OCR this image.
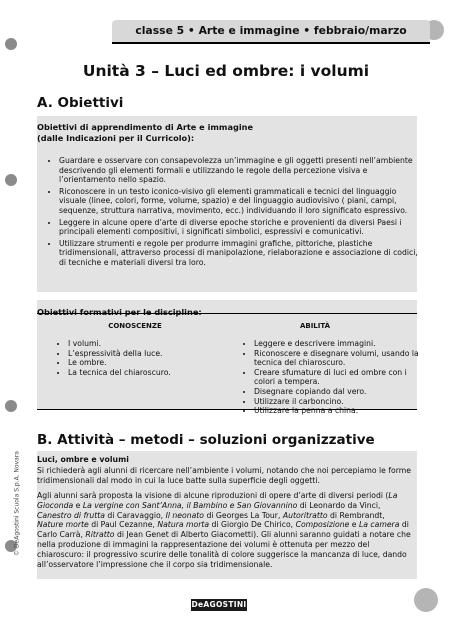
classe 5 • Arte e immagine • febbraio/marzo
Unità 3 – Luci ed ombre: i volumi
A. Obiettivi
Obiettivi di apprendimento di Arte e immagine
(dalle Indicazioni per il Curricolo):
• Guardare e osservare con consapevolezza un’immagine e gli oggetti presenti nell’ambiente descrivendo gli elementi formali e utilizzando le regole della percezione visiva e l’orientamento nello spazio.
• Riconoscere in un testo iconico-visivo gli elementi grammaticali e tecnici del linguaggio visuale (linee, colori, forme, volume, spazio) e del linguaggio audiovisivo ( piani, campi, sequenze, struttura narrativa, movimento, ecc.) individuando il loro significato espressivo.
• Leggere in alcune opere d’arte di diverse epoche storiche e provenienti da diversi Paesi i principali elementi compositivi, i significati simbolici, espressivi e comunicativi.
• Utilizzare strumenti e regole per produrre immagini grafiche, pittoriche, plastiche tridimensionali, attraverso processi di manipolazione, rielaborazione e associazione di codici, di tecniche e materiali diversi tra loro.
Obiettivi formativi per le discipline:
CONOSCENZE	ABILITÀ
• I volumi.
• L’espressività della luce.
• Le ombre.
• La tecnica del chiaroscuro.
• Leggere e descrivere immagini.
• Riconoscere e disegnare volumi, usando la tecnica del chiaroscuro.
• Creare sfumature di luci ed ombre con i colori a tempera.
• Disegnare copiando dal vero.
• Utilizzare il carboncino.
• Utilizzare la penna a china.
B. Attività – metodi – soluzioni organizzative
Luci, ombre e volumi
Si richiederà agli alunni di ricercare nell’ambiente i volumi, notando che noi percepiamo le forme tridimensionali dal modo in cui la luce batte sulla superficie degli oggetti.
Agli alunni sarà proposta la visione di alcune riproduzioni di opere d’arte di diversi periodi (La Gioconda e La vergine con Sant’Anna, il Bambino e San Giovannino di Leonardo da Vinci, Canestro di frutta di Caravaggio, Il neonato di Georges La Tour, Autoritratto di Rembrandt, Nature morte di Paul Cezanne, Natura morta di Giorgio De Chirico, Composizione e La camera di Carlo Carrà, Ritratto di Jean Genet di Alberto Giacometti). Gli alunni saranno guidati a notare che nella produzione di immagini la rappresentazione dei volumi è ottenuta per mezzo del chiaroscuro: il progressivo scurire delle tonalità di colore suggerisce la mancanza di luce, dando all’osservatore l’impressione che il corpo sia tridimensionale.
© DeAgostini Scuola S.p.A. Novara
DeAGOSTINI
